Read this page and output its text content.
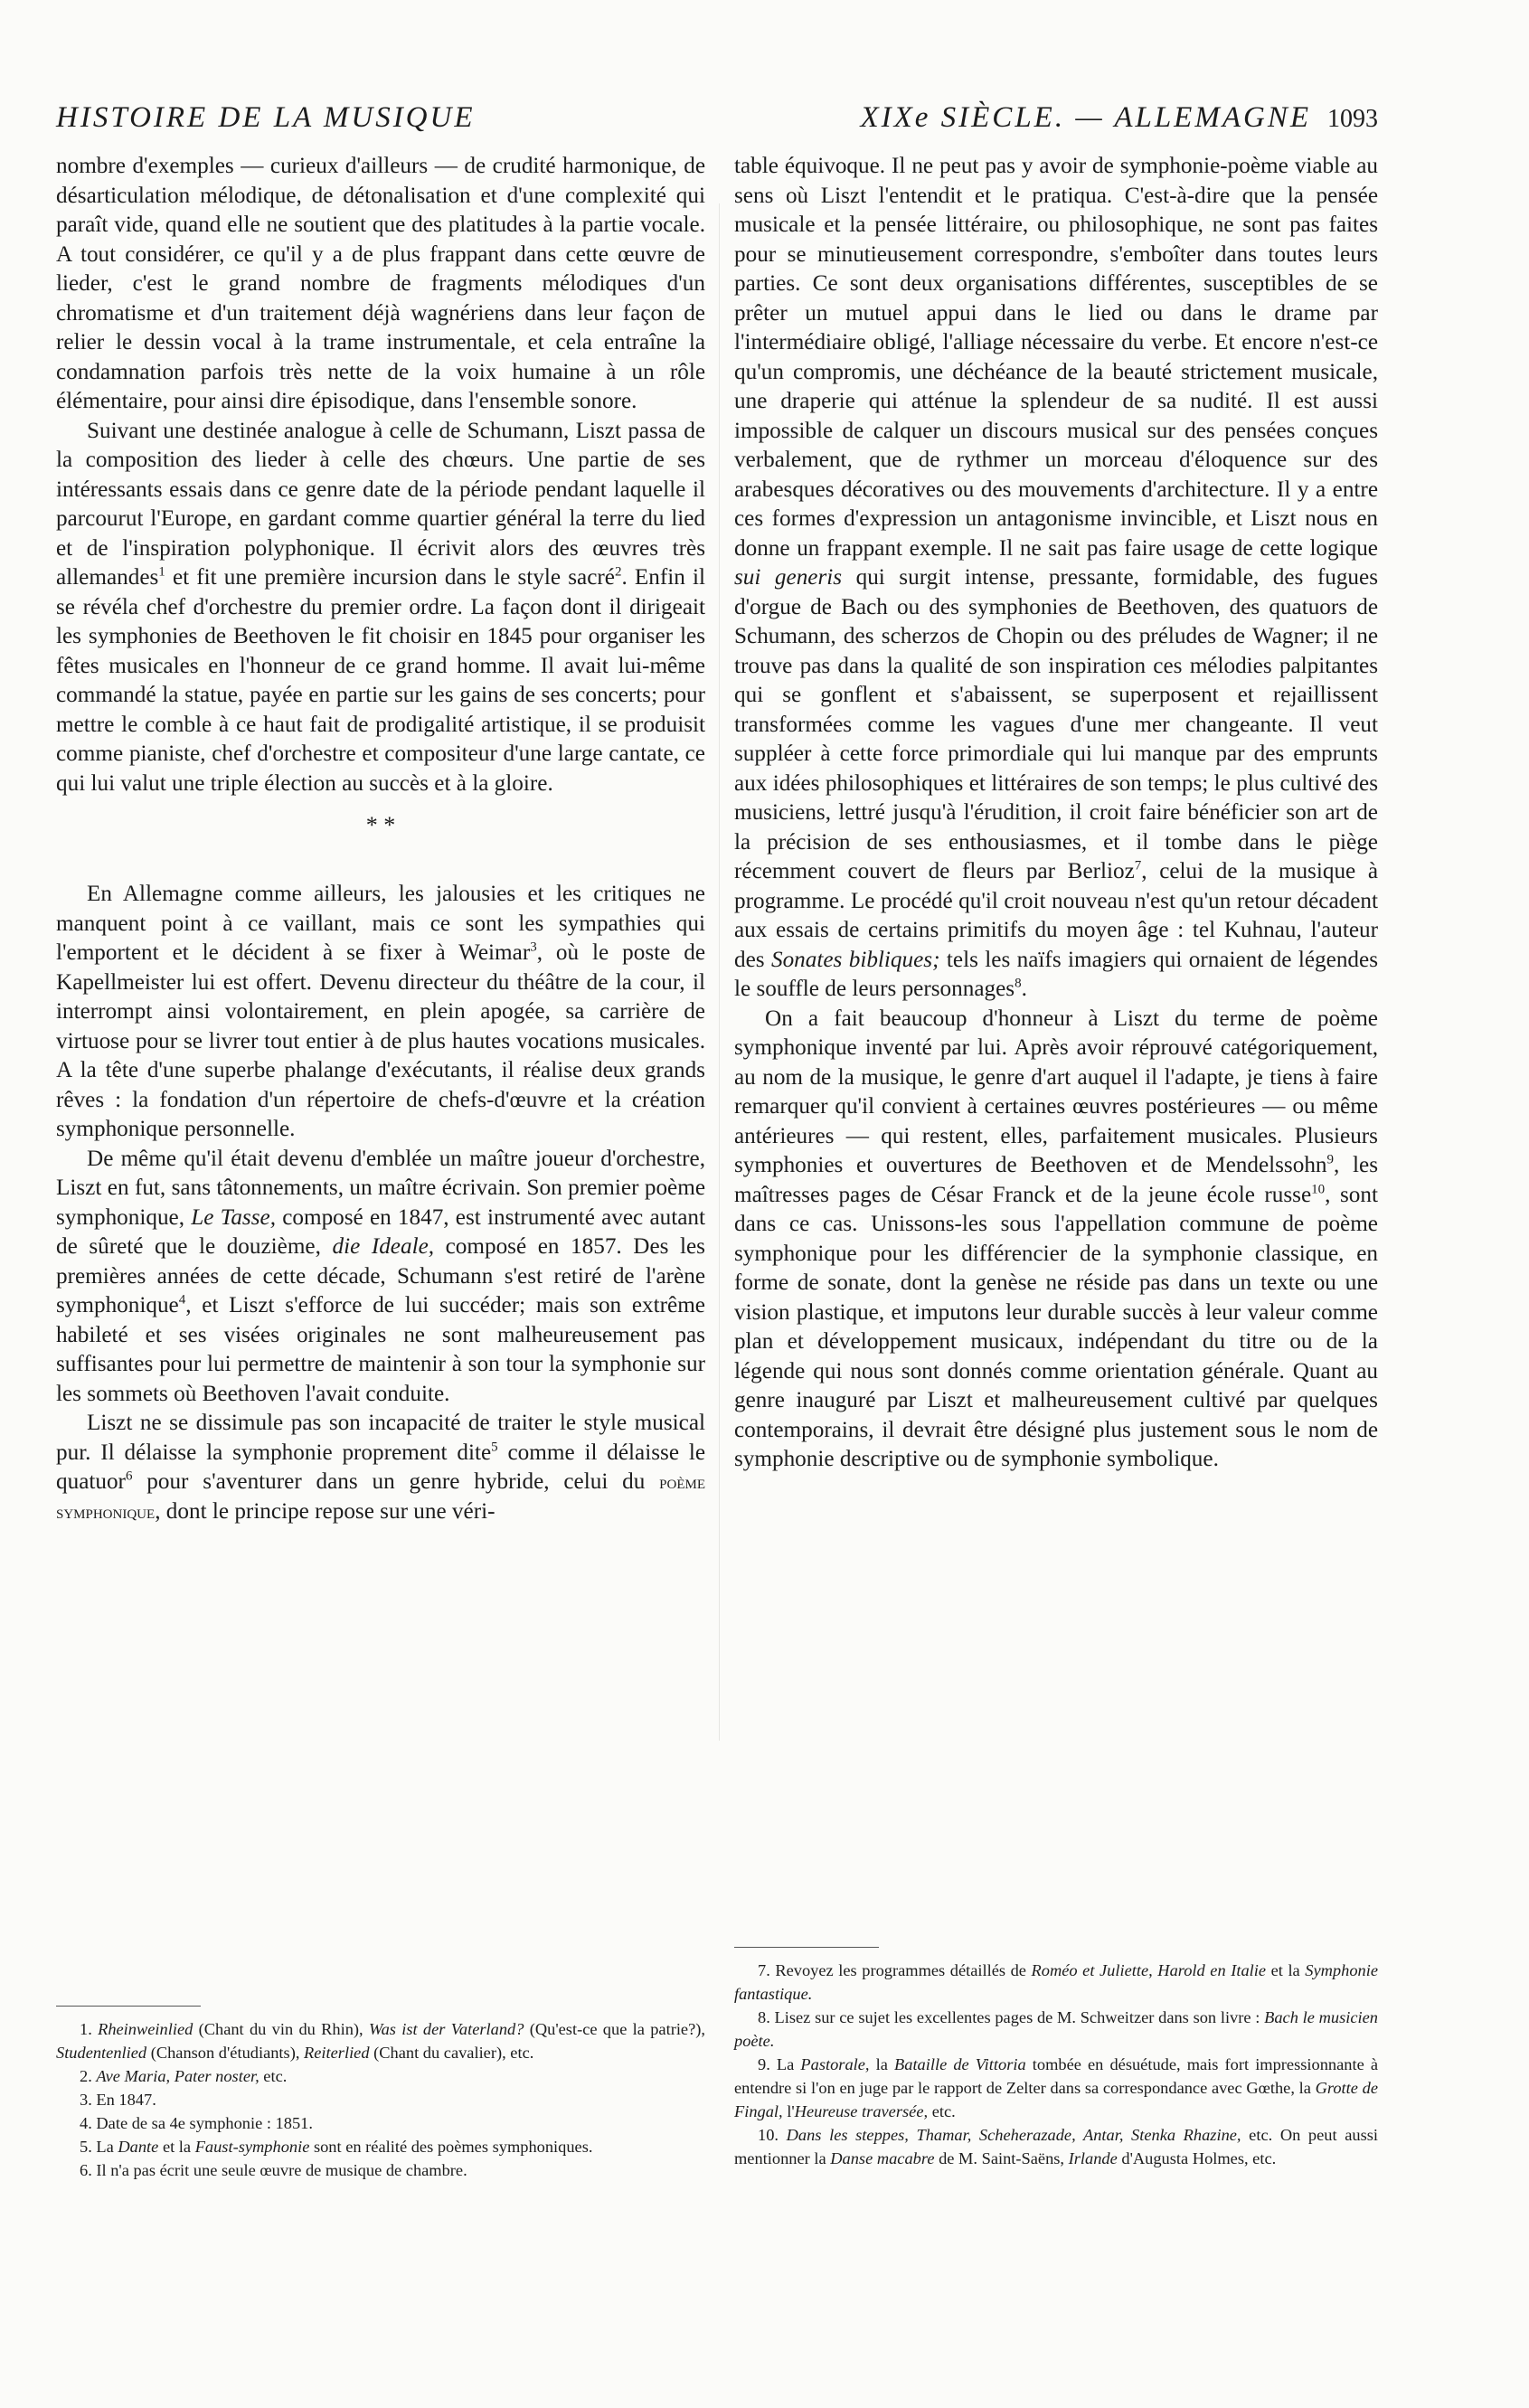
HISTOIRE DE LA MUSIQUE	XIXe SIÈCLE. — ALLEMAGNE 1093

nombre d'exemples — curieux d'ailleurs — de crudité harmonique, de désarticulation mélodique, de détonalisation et d'une complexité qui paraît vide, quand elle ne soutient que des platitudes à la partie vocale. A tout considérer, ce qu'il y a de plus frappant dans cette œuvre de lieder, c'est le grand nombre de fragments mélodiques d'un chromatisme et d'un traitement déjà wagnériens dans leur façon de relier le dessin vocal à la trame instrumentale, et cela entraîne la condamnation parfois très nette de la voix humaine à un rôle élémentaire, pour ainsi dire épisodique, dans l'ensemble sonore.

Suivant une destinée analogue à celle de Schumann, Liszt passa de la composition des lieder à celle des chœurs. Une partie de ses intéressants essais dans ce genre date de la période pendant laquelle il parcourut l'Europe, en gardant comme quartier général la terre du lied et de l'inspiration polyphonique. Il écrivit alors des œuvres très allemandes$^1$ et fit une première incursion dans le style sacré$^2$. Enfin il se révéla chef d'orchestre du premier ordre. La façon dont il dirigeait les symphonies de Beethoven le fit choisir en 1845 pour organiser les fêtes musicales en l'honneur de ce grand homme. Il avait lui-même commandé la statue, payée en partie sur les gains de ses concerts; pour mettre le comble à ce haut fait de prodigalité artistique, il se produisit comme pianiste, chef d'orchestre et compositeur d'une large cantate, ce qui lui valut une triple élection au succès et à la gloire.

* *

En Allemagne comme ailleurs, les jalousies et les critiques ne manquent point à ce vaillant, mais ce sont les sympathies qui l'emportent et le décident à se fixer à Weimar$^3$, où le poste de Kapellmeister lui est offert. Devenu directeur du théâtre de la cour, il interrompt ainsi volontairement, en plein apogée, sa carrière de virtuose pour se livrer tout entier à de plus hautes vocations musicales. A la tête d'une superbe phalange d'exécutants, il réalise deux grands rêves : la fondation d'un répertoire de chefs-d'œuvre et la création symphonique personnelle.

De même qu'il était devenu d'emblée un maître joueur d'orchestre, Liszt en fut, sans tâtonnements, un maître écrivain. Son premier poème symphonique, Le Tasse, composé en 1847, est instrumenté avec autant de sûreté que le douzième, die Ideale, composé en 1857. Des les premières années de cette décade, Schumann s'est retiré de l'arène symphonique$^4$, et Liszt s'efforce de lui succéder; mais son extrême habileté et ses visées originales ne sont malheureusement pas suffisantes pour lui permettre de maintenir à son tour la symphonie sur les sommets où Beethoven l'avait conduite.

Liszt ne se dissimule pas son incapacité de traiter le style musical pur. Il délaisse la symphonie proprement dite$^5$ comme il délaisse le quatuor$^6$ pour s'aventurer dans un genre hybride, celui du poème symphonique, dont le principe repose sur une véri-

table équivoque. Il ne peut pas y avoir de symphonie-poème viable au sens où Liszt l'entendit et le pratiqua. C'est-à-dire que la pensée musicale et la pensée littéraire, ou philosophique, ne sont pas faites pour se minutieusement correspondre, s'emboîter dans toutes leurs parties. Ce sont deux organisations différentes, susceptibles de se prêter un mutuel appui dans le lied ou dans le drame par l'intermédiaire obligé, l'alliage nécessaire du verbe. Et encore n'est-ce qu'un compromis, une déchéance de la beauté strictement musicale, une draperie qui atténue la splendeur de sa nudité. Il est aussi impossible de calquer un discours musical sur des pensées conçues verbalement, que de rythmer un morceau d'éloquence sur des arabesques décoratives ou des mouvements d'architecture. Il y a entre ces formes d'expression un antagonisme invincible, et Liszt nous en donne un frappant exemple. Il ne sait pas faire usage de cette logique sui generis qui surgit intense, pressante, formidable, des fugues d'orgue de Bach ou des symphonies de Beethoven, des quatuors de Schumann, des scherzos de Chopin ou des préludes de Wagner; il ne trouve pas dans la qualité de son inspiration ces mélodies palpitantes qui se gonflent et s'abaissent, se superposent et rejaillissent transformées comme les vagues d'une mer changeante. Il veut suppléer à cette force primordiale qui lui manque par des emprunts aux idées philosophiques et littéraires de son temps; le plus cultivé des musiciens, lettré jusqu'à l'érudition, il croit faire bénéficier son art de la précision de ses enthousiasmes, et il tombe dans le piège récemment couvert de fleurs par Berlioz$^7$, celui de la musique à programme. Le procédé qu'il croit nouveau n'est qu'un retour décadent aux essais de certains primitifs du moyen âge : tel Kuhnau, l'auteur des Sonates bibliques; tels les naïfs imagiers qui ornaient de légendes le souffle de leurs personnages$^8$.

On a fait beaucoup d'honneur à Liszt du terme de poème symphonique inventé par lui. Après avoir réprouvé catégoriquement, au nom de la musique, le genre d'art auquel il l'adapte, je tiens à faire remarquer qu'il convient à certaines œuvres postérieures — ou même antérieures — qui restent, elles, parfaitement musicales. Plusieurs symphonies et ouvertures de Beethoven et de Mendelssohn$^9$, les maîtresses pages de César Franck et de la jeune école russe$^{10}$, sont dans ce cas. Unissons-les sous l'appellation commune de poème symphonique pour les différencier de la symphonie classique, en forme de sonate, dont la genèse ne réside pas dans un texte ou une vision plastique, et imputons leur durable succès à leur valeur comme plan et développement musicaux, indépendant du titre ou de la légende qui nous sont donnés comme orientation générale. Quant au genre inauguré par Liszt et malheureusement cultivé par quelques contemporains, il devrait être désigné plus justement sous le nom de symphonie descriptive ou de symphonie symbolique.

1. Rheinweinlied (Chant du vin du Rhin), Was ist der Vaterland? (Qu'est-ce que la patrie?), Studentenlied (Chanson d'étudiants), Reiterlied (Chant du cavalier), etc.
2. Ave Maria, Pater noster, etc.
3. En 1847.
4. Date de sa 4e symphonie : 1851.
5. La Dante et la Faust-symphonie sont en réalité des poèmes symphoniques.
6. Il n'a pas écrit une seule œuvre de musique de chambre.
7. Revoyez les programmes détaillés de Roméo et Juliette, Harold en Italie et la Symphonie fantastique.
8. Lisez sur ce sujet les excellentes pages de M. Schweitzer dans son livre : Bach le musicien poète.
9. La Pastorale, la Bataille de Vittoria tombée en désuétude, mais fort impressionnante à entendre si l'on en juge par le rapport de Zelter dans sa correspondance avec Gœthe, la Grotte de Fingal, l'Heureuse traversée, etc.
10. Dans les steppes, Thamar, Scheherazade, Antar, Stenka Rhazine, etc. On peut aussi mentionner la Danse macabre de M. Saint-Saëns, Irlande d'Augusta Holmes, etc.
